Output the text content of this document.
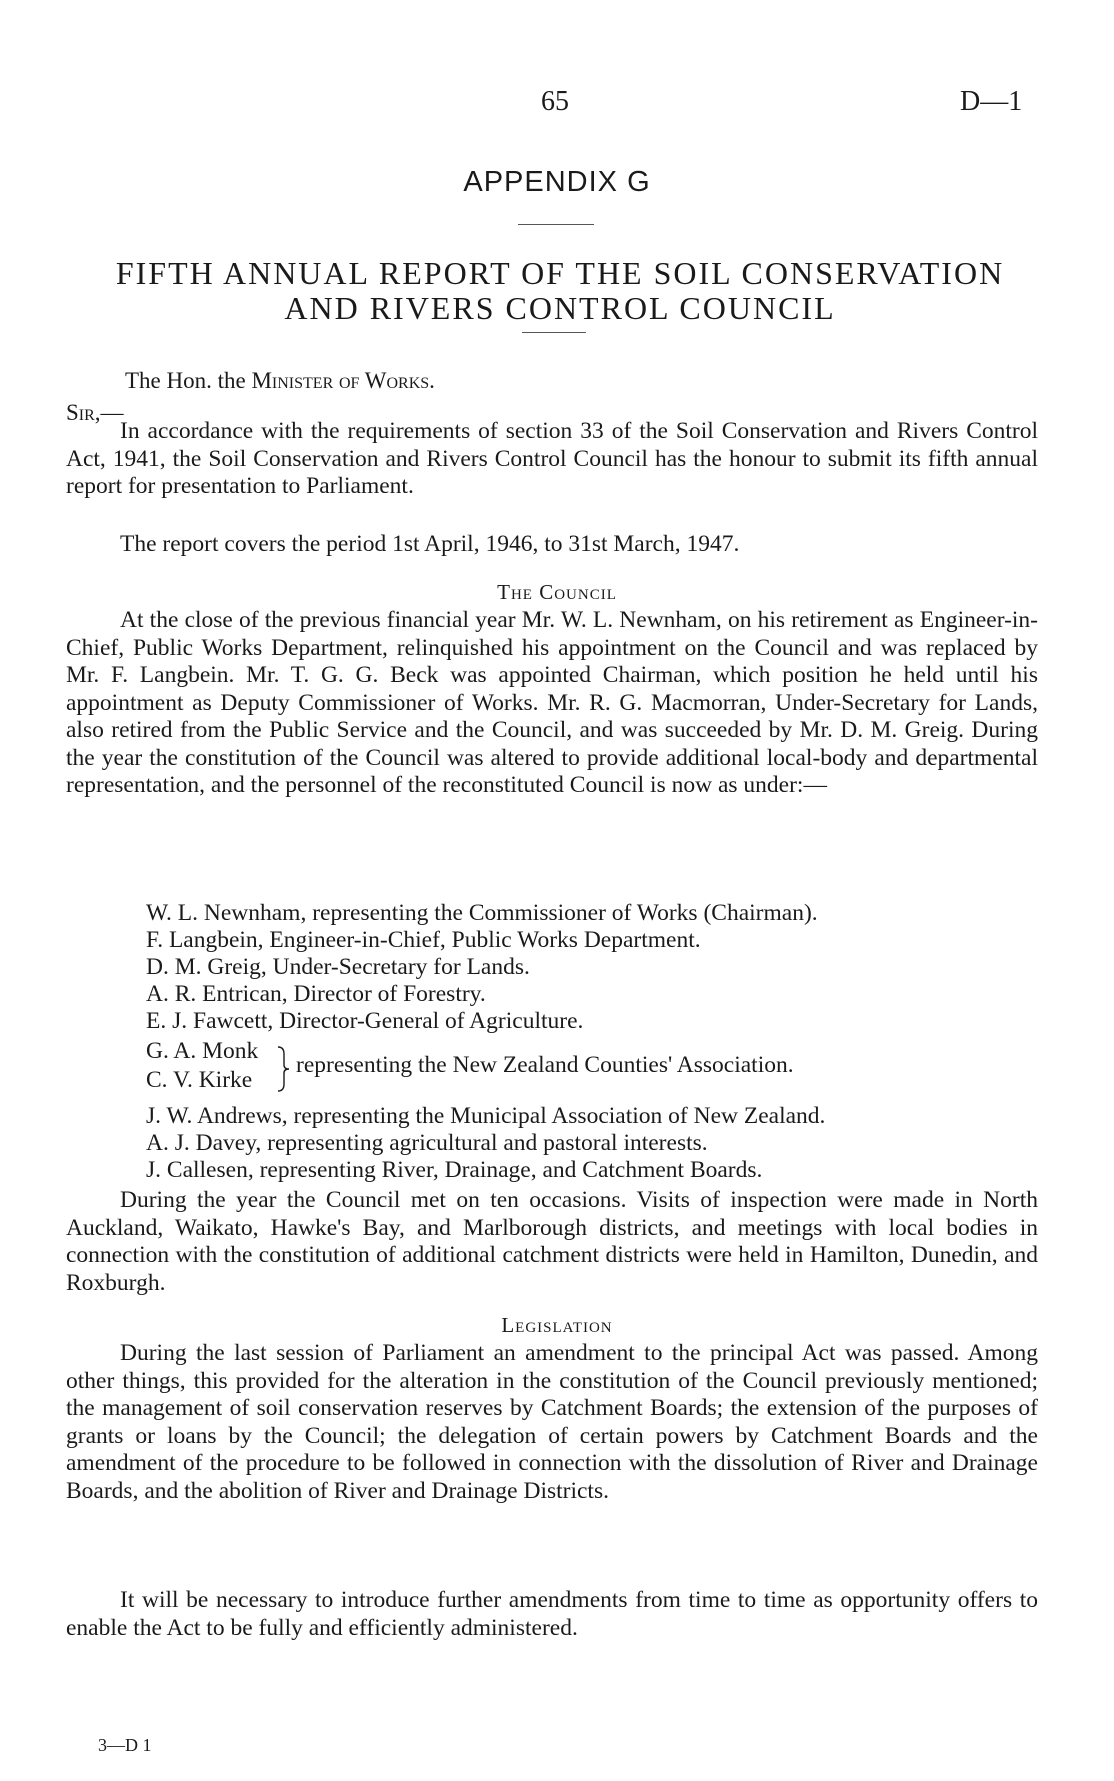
65	D—1
APPENDIX G
FIFTH ANNUAL REPORT OF THE SOIL CONSERVATION
AND RIVERS CONTROL COUNCIL
The Hon. the Minister of Works.
Sir,—

In accordance with the requirements of section 33 of the Soil Conservation and Rivers Control Act, 1941, the Soil Conservation and Rivers Control Council has the honour to submit its fifth annual report for presentation to Parliament.

The report covers the period 1st April, 1946, to 31st March, 1947.

The Council

At the close of the previous financial year Mr. W. L. Newnham, on his retirement as Engineer-in-Chief, Public Works Department, relinquished his appointment on the Council and was replaced by Mr. F. Langbein. Mr. T. G. G. Beck was appointed Chairman, which position he held until his appointment as Deputy Commissioner of Works. Mr. R. G. Macmorran, Under-Secretary for Lands, also retired from the Public Service and the Council, and was succeeded by Mr. D. M. Greig. During the year the constitution of the Council was altered to provide additional local-body and departmental representation, and the personnel of the reconstituted Council is now as under:—

W. L. Newnham, representing the Commissioner of Works (Chairman).
F. Langbein, Engineer-in-Chief, Public Works Department.
D. M. Greig, Under-Secretary for Lands.
A. R. Entrican, Director of Forestry.
E. J. Fawcett, Director-General of Agriculture.
G. A. Monk
C. V. Kirke
representing the New Zealand Counties' Association.
J. W. Andrews, representing the Municipal Association of New Zealand.
A. J. Davey, representing agricultural and pastoral interests.
J. Callesen, representing River, Drainage, and Catchment Boards.

During the year the Council met on ten occasions. Visits of inspection were made in North Auckland, Waikato, Hawke's Bay, and Marlborough districts, and meetings with local bodies in connection with the constitution of additional catchment districts were held in Hamilton, Dunedin, and Roxburgh.

Legislation

During the last session of Parliament an amendment to the principal Act was passed. Among other things, this provided for the alteration in the constitution of the Council previously mentioned; the management of soil conservation reserves by Catchment Boards; the extension of the purposes of grants or loans by the Council; the delegation of certain powers by Catchment Boards and the amendment of the procedure to be followed in connection with the dissolution of River and Drainage Boards, and the abolition of River and Drainage Districts.

It will be necessary to introduce further amendments from time to time as opportunity offers to enable the Act to be fully and efficiently administered.

3—D 1
